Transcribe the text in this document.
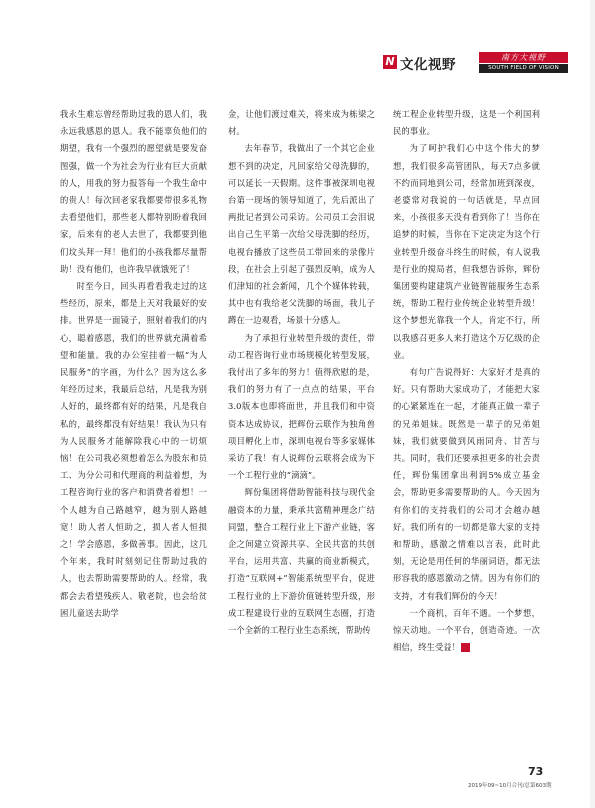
N 文化视野	南方大视野
SOUTH FIELD OF VISION

我永生难忘曾经帮助过我的恩人们，我永远我感恩的恩人。我不能辜负他们的期望，我有一个强烈的愿望就是要发奋图强，做一个为社会为行业有巨大贡献的人，用我的努力报答每一个我生命中的贵人！每次回老家我都要带很多礼物去看望他们，那些老人都特别盼着我回家，后来有的老人去世了，我都要到他们坟头拜一拜！他们的小孩我都尽量帮助！没有他们，也许我早就饿死了！

时至今日，回头再看看我走过的这些经历，原来，都是上天对我最好的安排。世界是一面镜子，照射着我们的内心，聪着感恩，我们的世界就充满着希望和能量。我的办公室挂着一幅“为人民服务”的字画，为什么？因为这么多年经历过来，我最后总结，凡是我为别人好的，最终都有好的结果，凡是我自私的，最终都没有好结果！我认为只有为人民服务才能解除我心中的一切烦恼！在公司我必须想着怎么为股东和员工、为分公司和代理商的利益着想，为工程咨询行业的客户和消费者着想！一个人越为自己路越窄，越为别人路越宽！助人者人恒助之，损人者人恒损之！学会感恩，多做善事。因此，这几个年来，我时时刻刻记住帮助过我的人，也去帮助需要帮助的人。经常，我都会去看望残疾人、敬老院，也会给贫困儿童送去助学

金，让他们渡过难关，将来成为栋梁之材。

去年春节，我做出了一个其它企业想不到的决定，凡回家给父母洗脚的，可以延长一天假期。这件事被深圳电视台第一现场的领导知道了，先后派出了两批记者到公司采访。公司员工会泪说出自己生平第一次给父母洗脚的经历，电视台播放了这些员工带回来的录像片段，在社会上引起了强烈反响，成为人们津知的社会新闻，几个个媒体转载，其中也有我给老父洗脚的场面，我儿子蹲在一边观看，场景十分感人。

为了承担行业转型升级的责任，带动工程咨询行业市场规模化转型发展，我付出了多年的努力！值得欣慰的是，我们的努力有了一点点的结果，平台3.0版本也即将面世，并且我们和中资资本达成协议，把辉份云联作为独角兽项目孵化上市，深圳电视台等多家媒体采访了我！有人说辉份云联将会成为下一个工程行业的“滴滴”。

辉份集团将借助智能科技与现代金融资本的力量，秉承共富精神理念广结同盟，整合工程行业上下游产业链，客企之间建立资源共享、全民共富的共创平台，运用共富、共赢的商业新模式，打造“互联网+”智能系统型平台，促进工程行业的上下游价值链转型升级，形成工程建设行业的互联网生态圈，打造一个全新的工程行业生态系统，帮助传

统工程企业转型升级，这是一个利国利民的事业。

为了呵护我们心中这个伟大的梦想，我们很多高管团队，每天7点多就不约而同地到公司，经常加班到深夜，老婆常对我说的一句话就是，早点回来，小孩很多天没有看到你了！当你在追梦的时候，当你在下定决定为这个行业转型升级奋斗终生的时候，有人说我是行业的搅局者，但我想告诉你，辉份集团要构建建筑产业链智能服务生态系统，帮助工程行业传统企业转型升级！这个梦想光靠我一个人，肯定不行，所以我感召更多人来打造这个万亿级的企业。

有句广告说得好：大家好才是真的好。只有帮助大家成功了，才能把大家的心紧紧连在一起，才能真正做一辈子的兄弟姐妹。既然是一辈子的兄弟姐妹，我们就要做到风雨同舟、甘苦与共。同时，我们还要承担更多的社会责任，辉份集团拿出利润5%成立基金会，帮助更多需要帮助的人。今天因为有你们的支持我们的公司才会越办越好。我们所有的一切都是靠大家的支持和帮助，感激之情难以言表，此时此刻，无论是用任何的华丽词语，都无法形容我的感恩激动之情。因为有你们的支持，才有我们辉份的今天！

一个商机，百年不遇。一个梦想，惊天动地。一个平台，创造奇迹。一次相信，终生受益！	N

73
2019年09~10月合刊/总第603期
